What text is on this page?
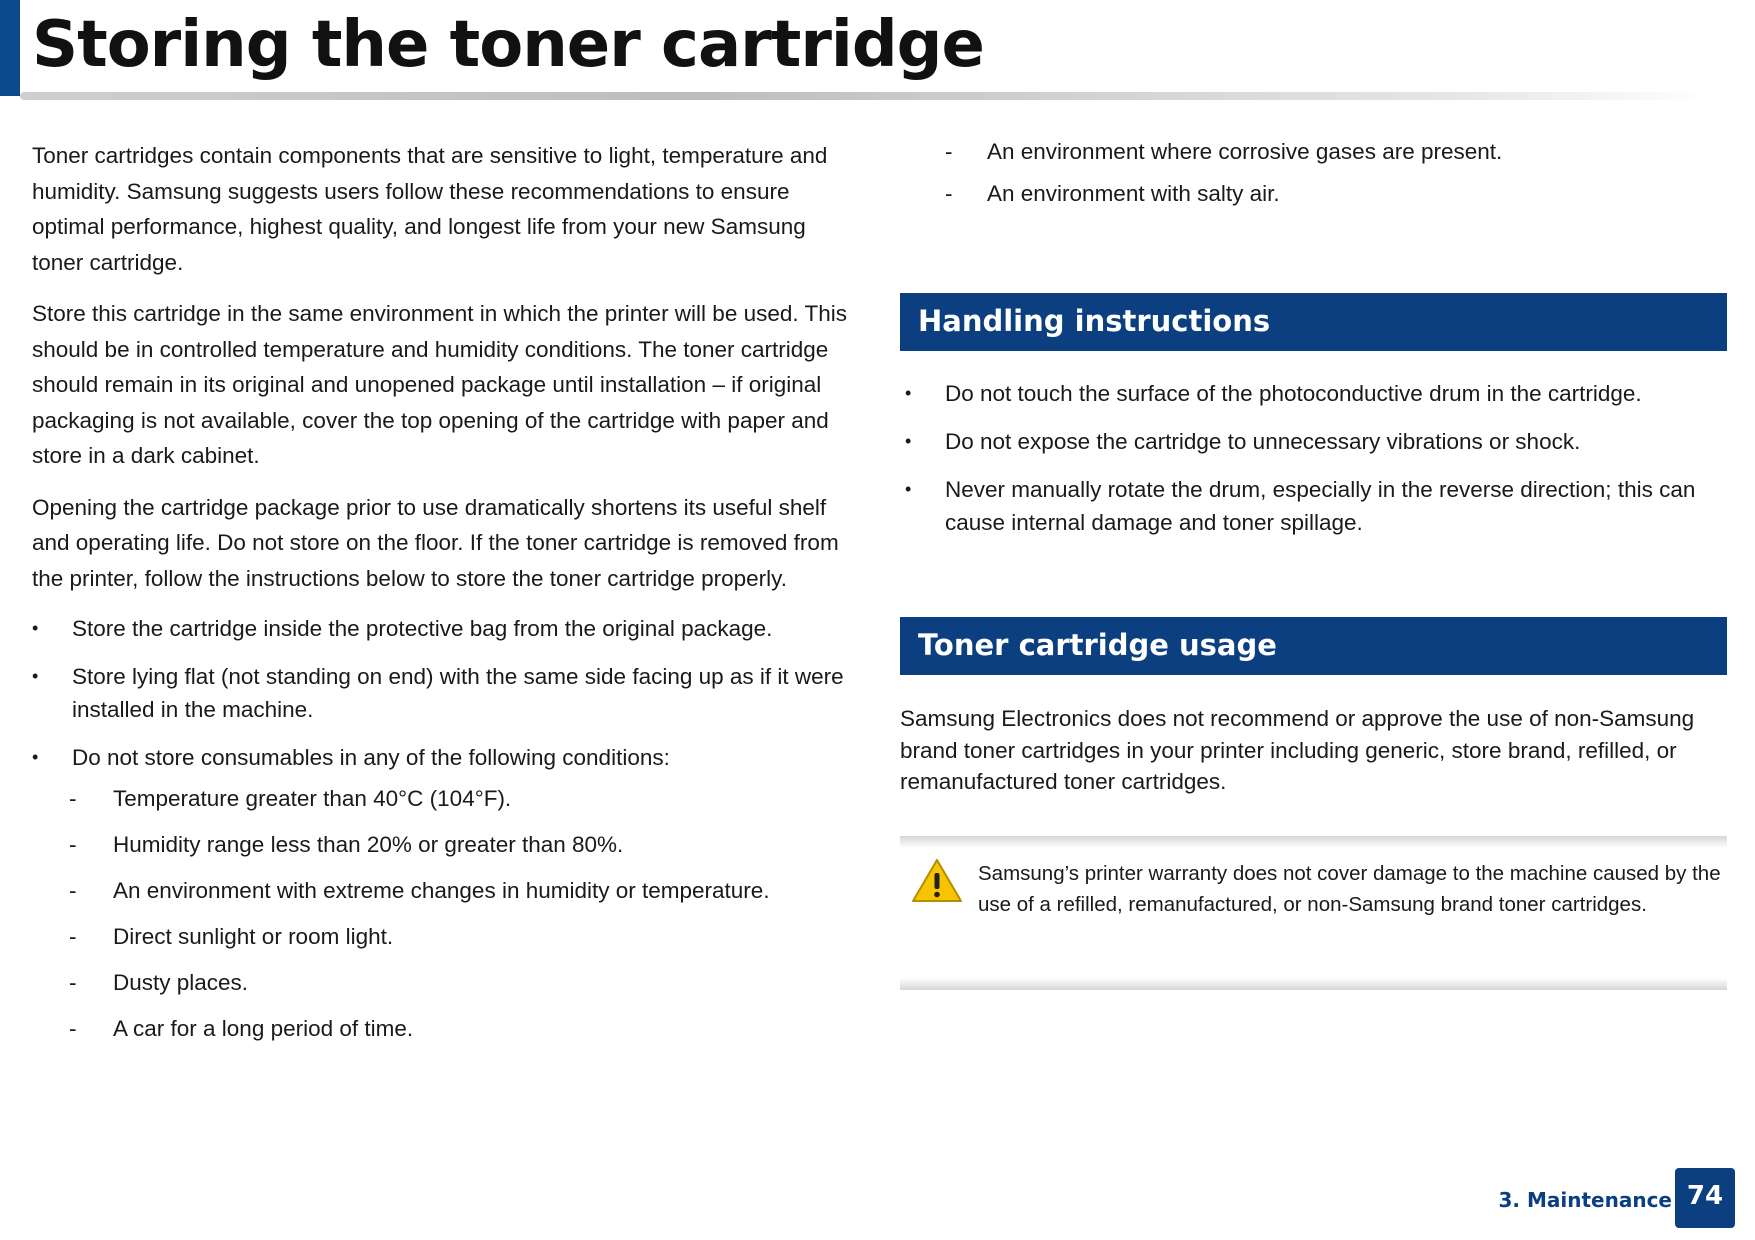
Storing the toner cartridge

Toner cartridges contain components that are sensitive to light, temperature and humidity. Samsung suggests users follow these recommendations to ensure optimal performance, highest quality, and longest life from your new Samsung toner cartridge.

Store this cartridge in the same environment in which the printer will be used. This should be in controlled temperature and humidity conditions. The toner cartridge should remain in its original and unopened package until installation – if original packaging is not available, cover the top opening of the cartridge with paper and store in a dark cabinet.

Opening the cartridge package prior to use dramatically shortens its useful shelf and operating life. Do not store on the floor. If the toner cartridge is removed from the printer, follow the instructions below to store the toner cartridge properly.

• Store the cartridge inside the protective bag from the original package.
• Store lying flat (not standing on end) with the same side facing up as if it were installed in the machine.
• Do not store consumables in any of the following conditions:
- Temperature greater than 40°C (104°F).
- Humidity range less than 20% or greater than 80%.
- An environment with extreme changes in humidity or temperature.
- Direct sunlight or room light.
- Dusty places.
- A car for a long period of time.
- An environment where corrosive gases are present.
- An environment with salty air.
Handling instructions
• Do not touch the surface of the photoconductive drum in the cartridge.
• Do not expose the cartridge to unnecessary vibrations or shock.
• Never manually rotate the drum, especially in the reverse direction; this can cause internal damage and toner spillage.
Toner cartridge usage

Samsung Electronics does not recommend or approve the use of non-Samsung brand toner cartridges in your printer including generic, store brand, refilled, or remanufactured toner cartridges.

Samsung’s printer warranty does not cover damage to the machine caused by the use of a refilled, remanufactured, or non-Samsung brand toner cartridges.
3. Maintenance 74
